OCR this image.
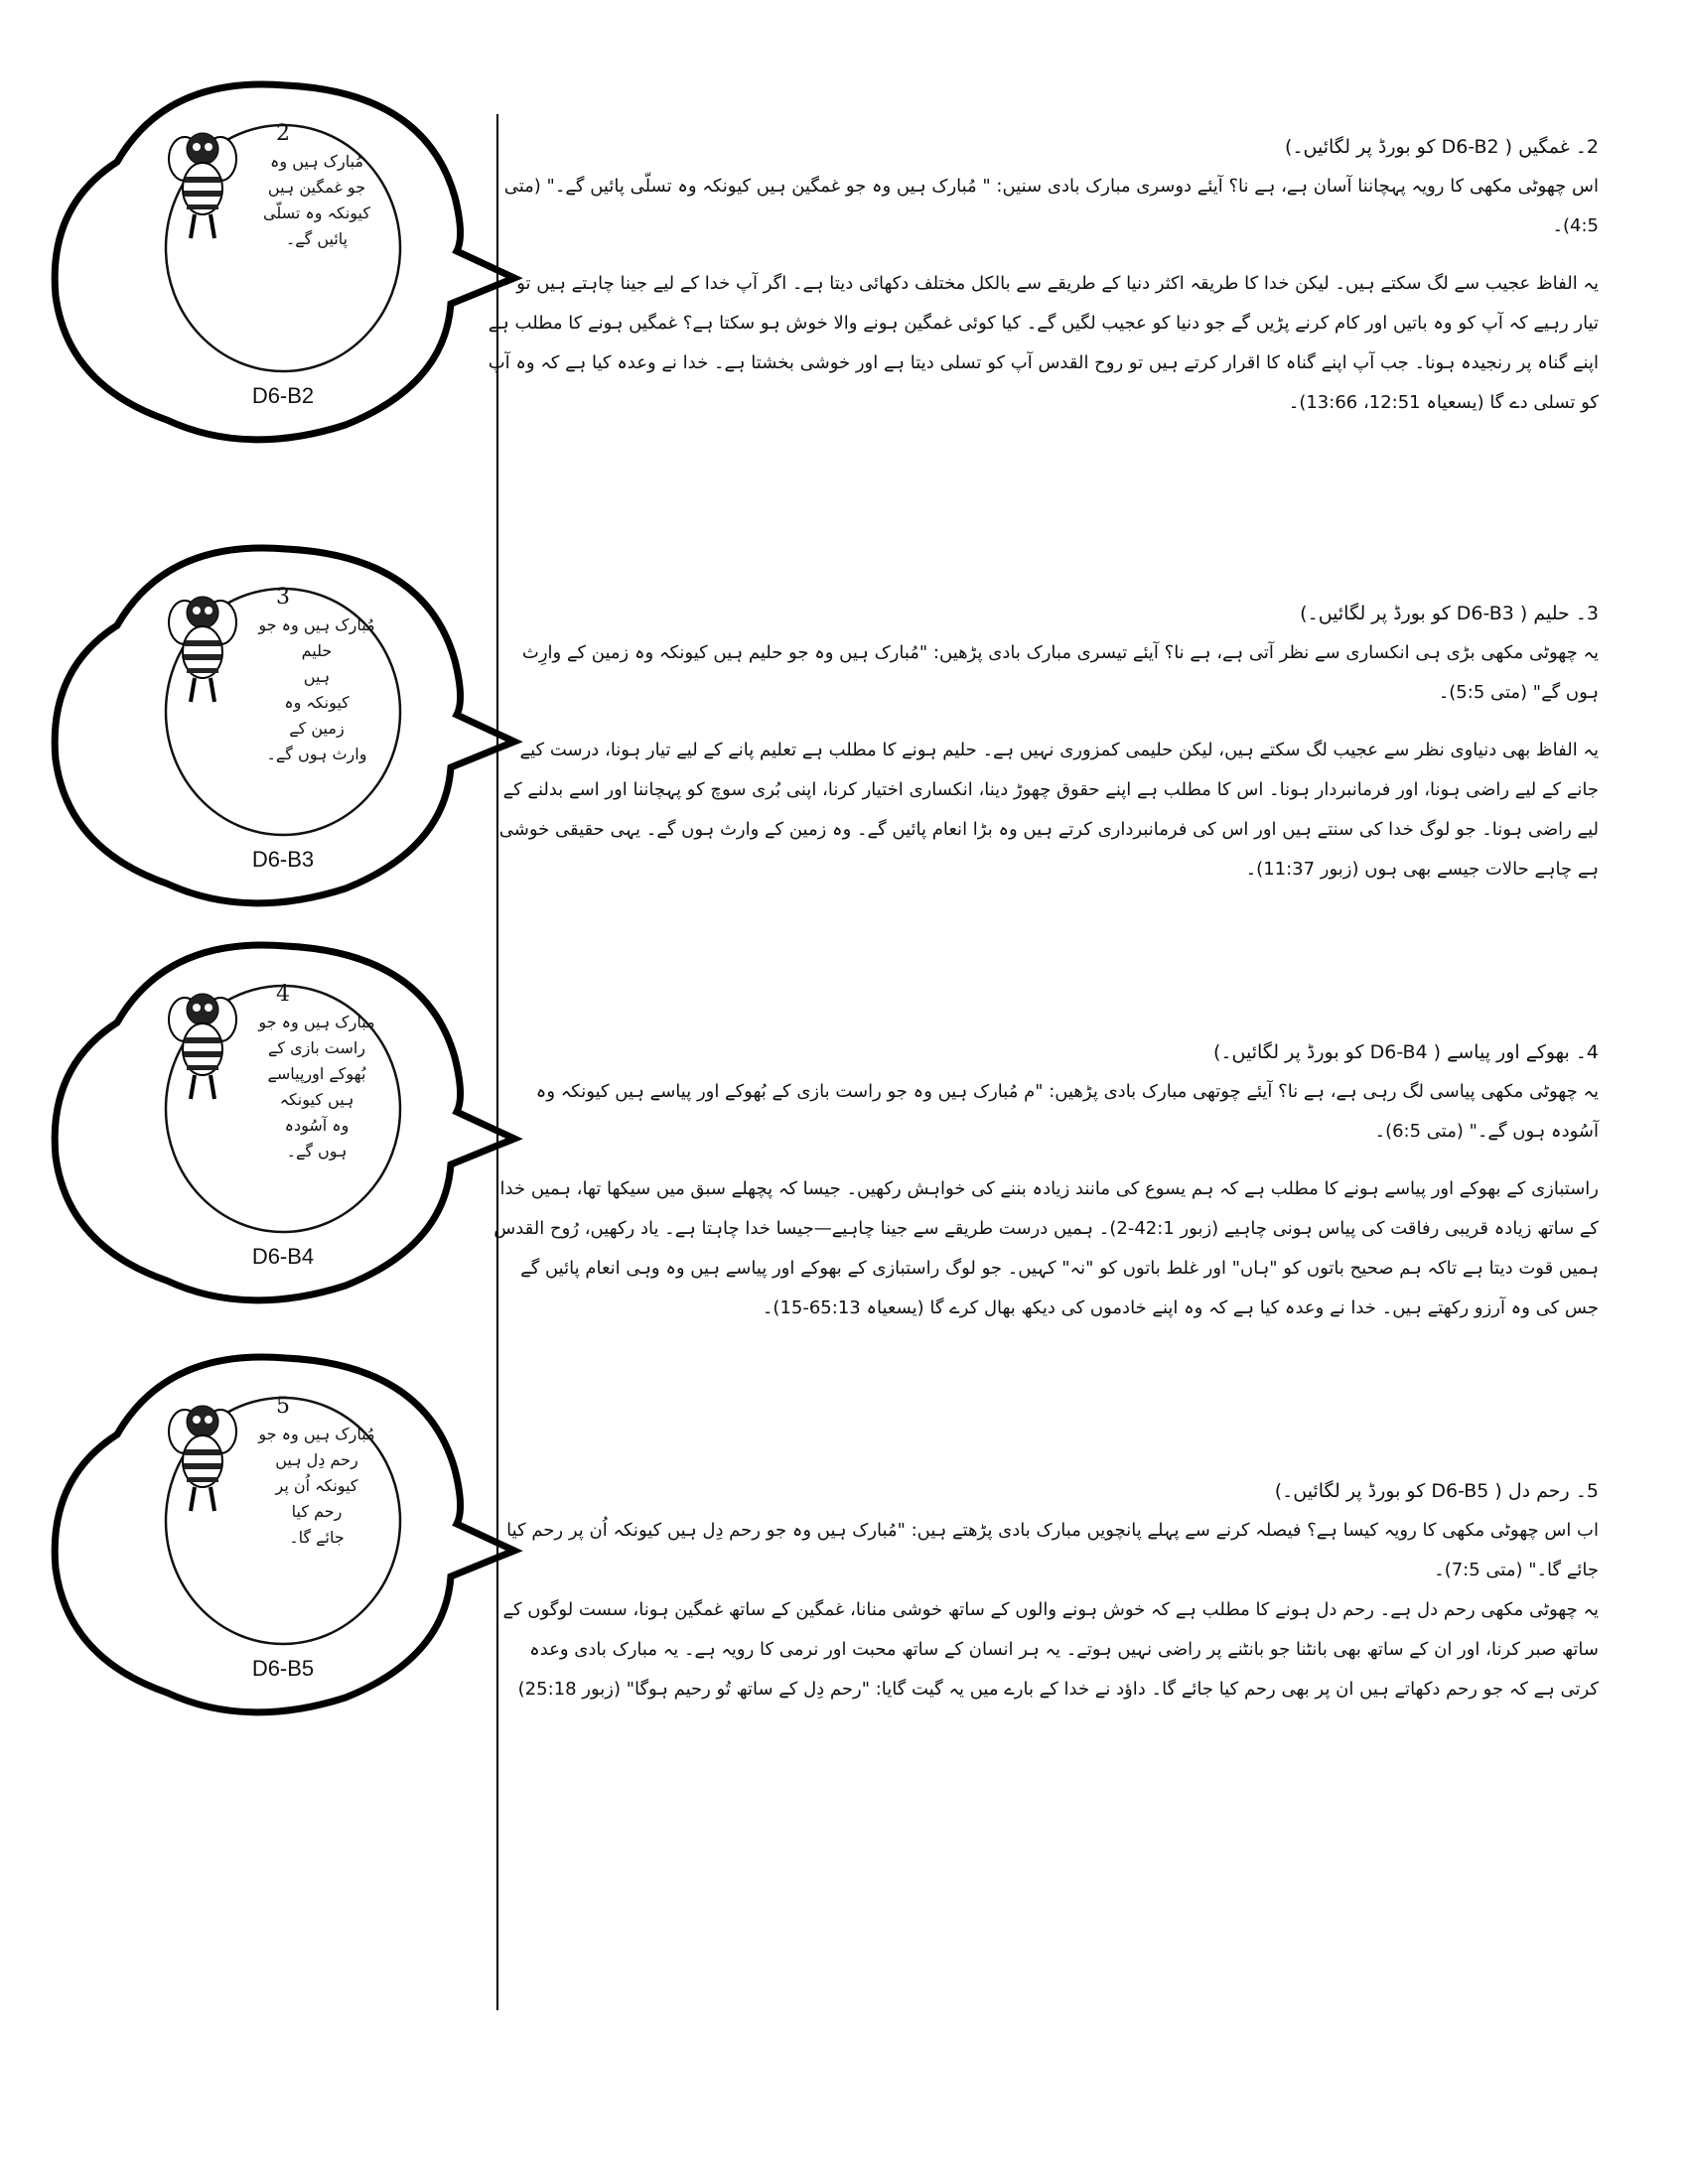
2
مُبارک ہیں وہ
جو غمگین ہیں
کیونکہ وہ تسلّی
پائیں گے۔
D6-B2
3
مُبارک ہیں وہ جو
حلیم
ہیں
کیونکہ وہ
زمین کے
وارث ہوں گے۔
D6-B3
4
مبارک ہیں وہ جو
راست بازی کے
بُھوکے اورپیاسے
ہیں کیونکہ
وہ آسُودہ
ہوں گے۔
D6-B4
5
مُبارک ہیں وہ جو
رحم دِل ہیں
کیونکہ اُن پر
رحم کیا
جائے گا۔
D6-B5

2۔ غمگیں ( D6-B2 کو بورڈ پر لگائیں۔)

اس چھوٹی مکھی کا رویہ پہچاننا آسان ہے، ہے نا؟ آیئے دوسری مبارک بادی سنیں: " مُبارک ہیں وہ جو غمگین ہیں کیونکہ وہ تسلّی پائیں گے۔" (متی 4:5)۔

یہ الفاظ عجیب سے لگ سکتے ہیں۔ لیکن خدا کا طریقہ اکثر دنیا کے طریقے سے بالکل مختلف دکھائی دیتا ہے۔ اگر آپ خدا کے لیے جینا چاہتے ہیں تو تیار رہیے کہ آپ کو وہ باتیں اور کام کرنے پڑیں گے جو دنیا کو عجیب لگیں گے۔ کیا کوئی غمگین ہونے والا خوش ہو سکتا ہے؟ غمگیں ہونے کا مطلب ہے اپنے گناہ پر رنجیدہ ہونا۔ جب آپ اپنے گناہ کا اقرار کرتے ہیں تو روح القدس آپ کو تسلی دیتا ہے اور خوشی بخشتا ہے۔ خدا نے وعدہ کیا ہے کہ وہ آپ کو تسلی دے گا (یسعیاہ 12:51، 13:66)۔

3۔ حلیم ( D6-B3 کو بورڈ پر لگائیں۔)

یہ چھوٹی مکھی بڑی ہی انکساری سے نظر آتی ہے، ہے نا؟ آیئے تیسری مبارک بادی پڑھیں: "مُبارک ہیں وہ جو حلیم ہیں کیونکہ وہ زمین کے وارِث ہوں گے" (متی 5:5)۔

یہ الفاظ بھی دنیاوی نظر سے عجیب لگ سکتے ہیں، لیکن حلیمی کمزوری نہیں ہے۔ حلیم ہونے کا مطلب ہے تعلیم پانے کے لیے تیار ہونا، درست کیے جانے کے لیے راضی ہونا، اور فرمانبردار ہونا۔ اس کا مطلب ہے اپنے حقوق چھوڑ دینا، انکساری اختیار کرنا، اپنی بُری سوچ کو پہچاننا اور اسے بدلنے کے لیے راضی ہونا۔ جو لوگ خدا کی سنتے ہیں اور اس کی فرمانبرداری کرتے ہیں وہ بڑا انعام پائیں گے۔ وہ زمین کے وارث ہوں گے۔ یہی حقیقی خوشی ہے چاہے حالات جیسے بھی ہوں (زبور 11:37)۔

4۔ بھوکے اور پیاسے ( D6-B4 کو بورڈ پر لگائیں۔)

یہ چھوٹی مکھی پیاسی لگ رہی ہے، ہے نا؟ آیئے چوتھی مبارک بادی پڑھیں: "م مُبارک ہیں وہ جو راست بازی کے بُھوکے اور پیاسے ہیں کیونکہ وہ آسُودہ ہوں گے۔" (متی 6:5)۔

راستبازی کے بھوکے اور پیاسے ہونے کا مطلب ہے کہ ہم یسوع کی مانند زیادہ بننے کی خواہش رکھیں۔ جیسا کہ پچھلے سبق میں سیکھا تھا، ہمیں خدا کے ساتھ زیادہ قریبی رفاقت کی پیاس ہونی چاہیے (زبور 42:1-2)۔ ہمیں درست طریقے سے جینا چاہیے—جیسا خدا چاہتا ہے۔ یاد رکھیں، رُوح القدس ہمیں قوت دیتا ہے تاکہ ہم صحیح باتوں کو "ہاں" اور غلط باتوں کو "نہ" کہیں۔ جو لوگ راستبازی کے بھوکے اور پیاسے ہیں وہ وہی انعام پائیں گے جس کی وہ آرزو رکھتے ہیں۔ خدا نے وعدہ کیا ہے کہ وہ اپنے خادموں کی دیکھ بھال کرے گا (یسعیاہ 65:13-15)۔

5۔ رحم دل ( D6-B5 کو بورڈ پر لگائیں۔)

اب اس چھوٹی مکھی کا رویہ کیسا ہے؟ فیصلہ کرنے سے پہلے پانچویں مبارک بادی پڑھتے ہیں: "مُبارک ہیں وہ جو رحم دِل ہیں کیونکہ اُن پر رحم کیا جائے گا۔" (متی 7:5)۔

یہ چھوٹی مکھی رحم دل ہے۔ رحم دل ہونے کا مطلب ہے کہ خوش ہونے والوں کے ساتھ خوشی منانا، غمگین کے ساتھ غمگین ہونا، سست لوگوں کے ساتھ صبر کرنا، اور ان کے ساتھ بھی بانٹنا جو بانٹنے پر راضی نہیں ہوتے۔ یہ ہر انسان کے ساتھ محبت اور نرمی کا رویہ ہے۔ یہ مبارک بادی وعدہ کرتی ہے کہ جو رحم دکھاتے ہیں ان پر بھی رحم کیا جائے گا۔ داؤد نے خدا کے بارے میں یہ گیت گایا: "رحم دِل کے ساتھ تُو رحیم ہوگا" (زبور 25:18)
